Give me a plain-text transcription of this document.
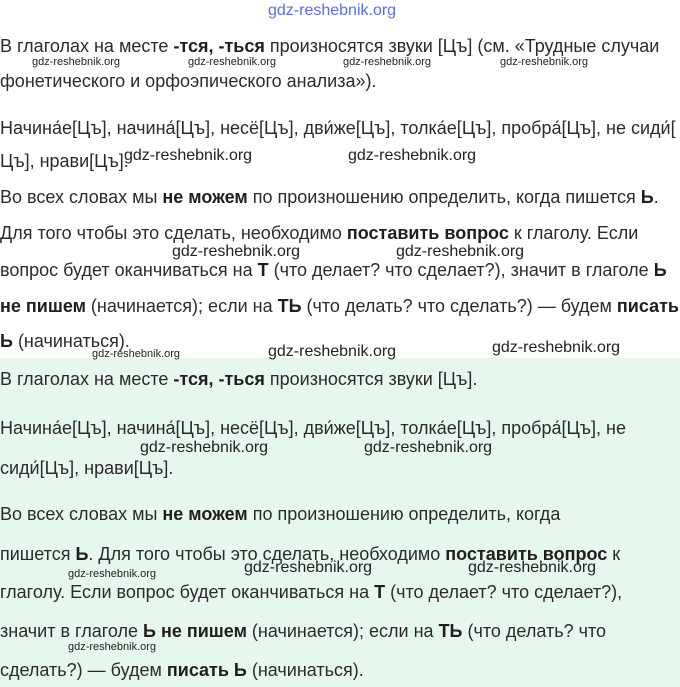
В глаголах на месте -тся, -ться произносятся звуки [Цъ] (см. «Трудные случаи

фонетического и орфоэпического анализа»).

Начина́е[Цъ], начина́[Цъ], несё[Цъ], дви́же[Цъ], толка́е[Цъ], пробра́[Цъ], не сиди́[

Цъ], нрави[Цъ].

Во всех словах мы не можем по произношению определить, когда пишется Ь.

Для того чтобы это сделать, необходимо поставить вопрос к глаголу. Если

вопрос будет оканчиваться на Т (что делает? что сделает?), значит в глаголе Ь

не пишем (начинается); если на ТЬ (что делать? что сделать?) — будем писать

Ь (начинаться).

В глаголах на месте -тся, -ться произносятся звуки [Цъ].

Начина́е[Цъ], начина́[Цъ], несё[Цъ], дви́же[Цъ], толка́е[Цъ], пробра́[Цъ], не

сиди́[Цъ], нрави[Цъ].

Во всех словах мы не можем по произношению определить, когда

пишется Ь. Для того чтобы это сделать, необходимо поставить вопрос к

глаголу. Если вопрос будет оканчиваться на Т (что делает? что сделает?),

значит в глаголе Ь не пишем (начинается); если на ТЬ (что делать? что

сделать?) — будем писать Ь (начинаться).

gdz-reshebnik.org
gdz-reshebnik.org	gdz-reshebnik.org	gdz-reshebnik.org	gdz-reshebnik.org
gdz-reshebnik.org	gdz-reshebnik.org
gdz-reshebnik.org	gdz-reshebnik.org
gdz-reshebnik.org	gdz-reshebnik.org	gdz-reshebnik.org
gdz-reshebnik.org	gdz-reshebnik.org
gdz-reshebnik.org	gdz-reshebnik.org	gdz-reshebnik.org
gdz-reshebnik.org
